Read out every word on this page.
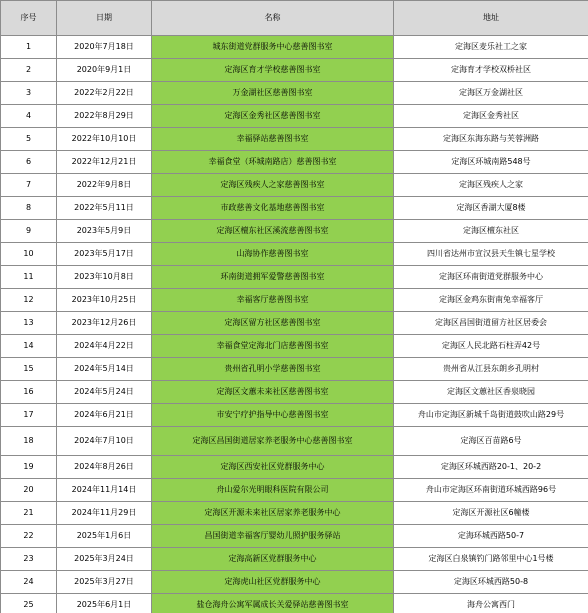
序号	日期	名称	地址
1	2020年7月18日	城东街道党群服务中心慈善图书室	定海区麦乐社工之家
2	2020年9月1日	定海区育才学校慈善图书室	定海育才学校双桥社区
3	2022年2月22日	万金湖社区慈善图书室	定海区万金湖社区
4	2022年8月29日	定海区金秀社区慈善图书室	定海区金秀社区
5	2022年10月10日	幸福驿站慈善图书室	定海区东海东路与芙蓉洲路
6	2022年12月21日	幸福食堂（环城南路店）慈善图书室	定海区环城南路548号
7	2022年9月8日	定海区残疾人之家慈善图书室	定海区残疾人之家
8	2022年5月11日	市政慈善文化基地慈善图书室	定海区香湖大厦8楼
9	2023年5月9日	定海区檀东社区溪流慈善图书室	定海区檀东社区
10	2023年5月17日	山海协作慈善图书室	四川省达州市宣汉县天生镇七星学校
11	2023年10月8日	环南街道拥军爱警慈善图书室	定海区环南街道党群服务中心
12	2023年10月25日	幸福客厅慈善图书室	定海区金鸡东街南兔幸福客厅
13	2023年12月26日	定海区留方社区慈善图书室	定海区昌国街道留方社区居委会
14	2024年4月22日	幸福食堂定海北门店慈善图书室	定海区人民北路石柱弄42号
15	2024年5月14日	贵州省孔明小学慈善图书室	贵州省从江县东朗乡孔明村
16	2024年5月24日	定海区文蕙未来社区慈善图书室	定海区文蕙社区香泉晓园
17	2024年6月21日	市安宁疗护指导中心慈善图书室	舟山市定海区新城千岛街道鼓吹山路29号
18	2024年7月10日	定海区昌国街道居家养老服务中心慈善图书室	定海区百苗路6号
19	2024年8月26日	定海区西安社区党群服务中心	定海区环城西路20-1、20-2
20	2024年11月14日	舟山爱尔光明眼科医院有限公司	舟山市定海区环南街道环城西路96号
21	2024年11月29日	定海区开源未来社区居家养老服务中心	定海区开源社区6幢楼
22	2025年1月6日	昌国街道幸福客厅婴幼儿照护服务驿站	定海环城西路50-7
23	2025年3月24日	定海高新区党群服务中心	定海区白泉镇钓门路邻里中心1号楼
24	2025年3月27日	定海虎山社区党群服务中心	定海区环城西路50-8
25	2025年6月1日	盐仓海舟公寓军属成长关爱驿站慈善图书室	海舟公寓西门
